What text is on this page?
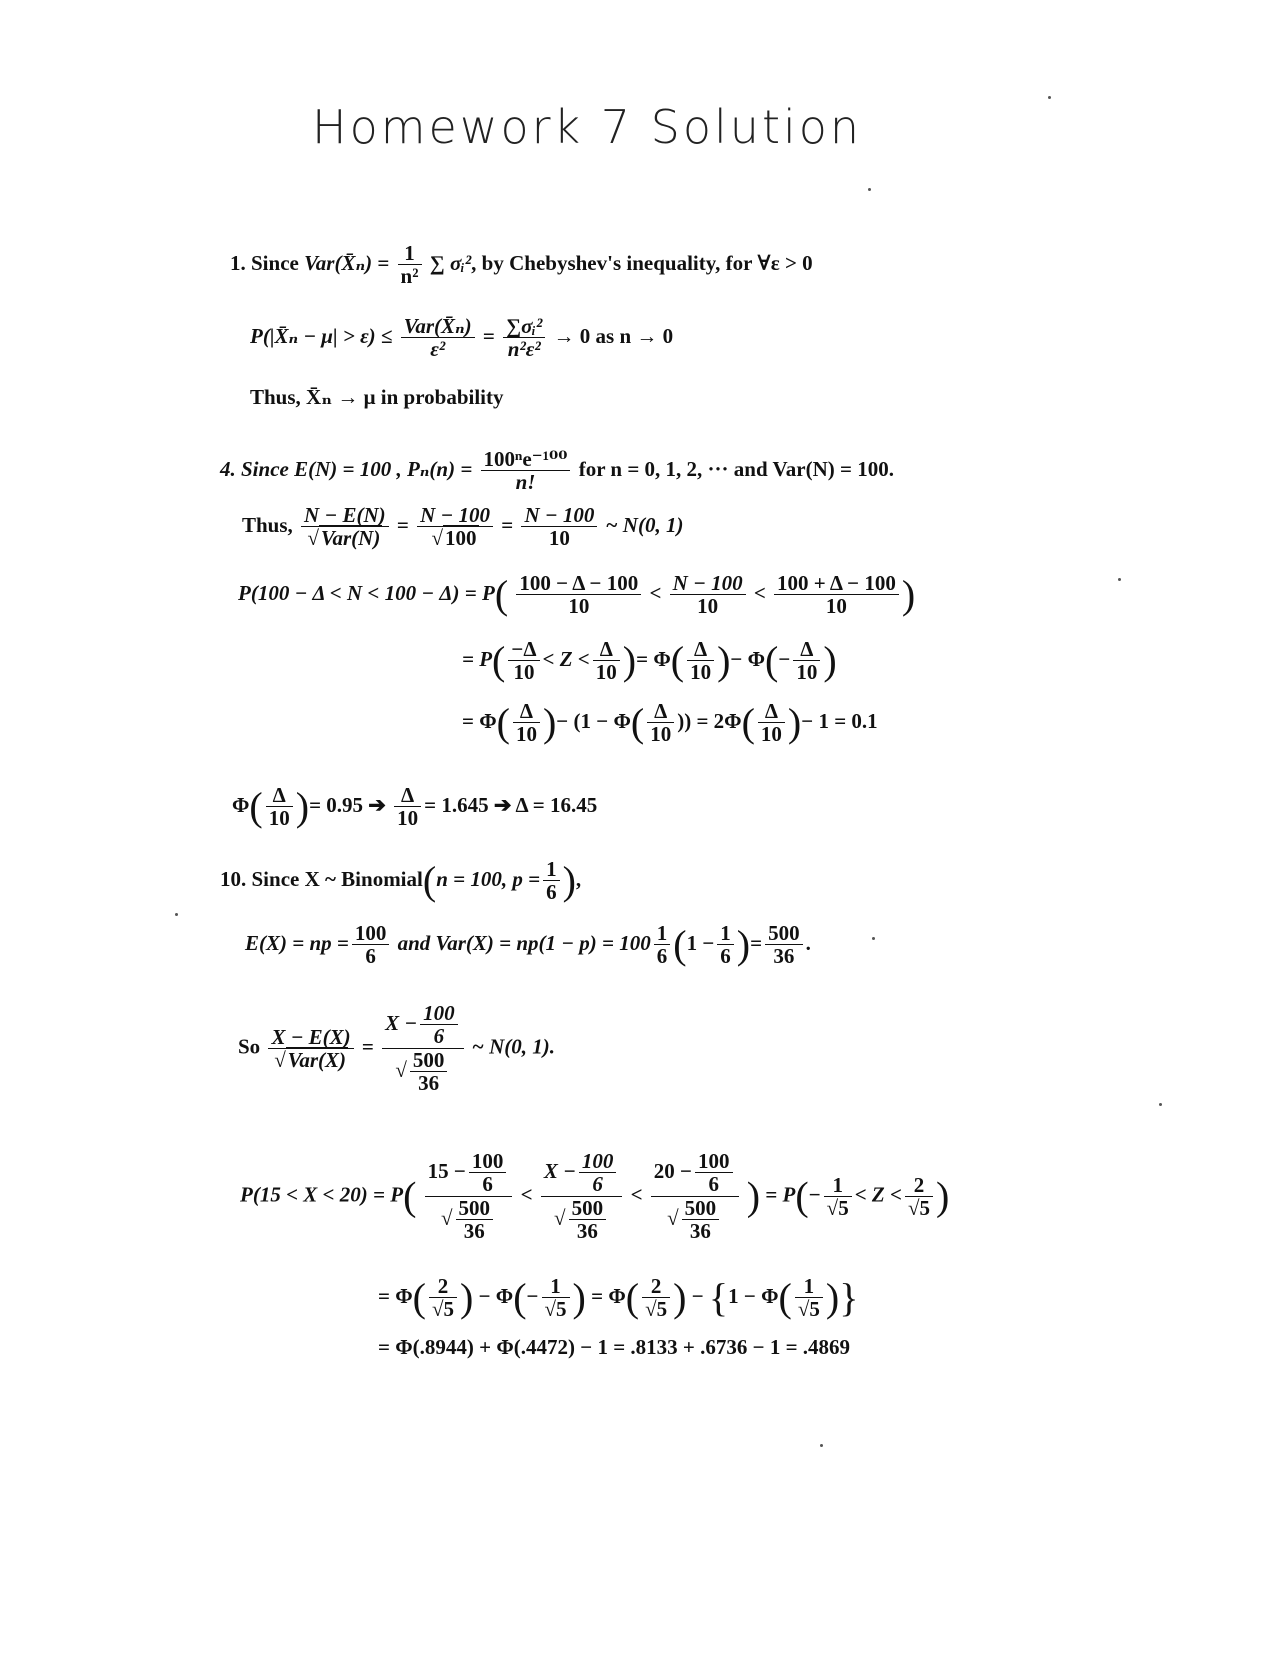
Homework 7 Solution
1. Since Var(X̄ₙ) = $\frac{1}{\text{n²}}$ ∑ σᵢ², by Chebyshev's inequality, for ∀ε > 0
P(|X̄ₙ − $\mu| > \varepsilon) \le \frac{\text{Var(X̄ₙ)}}{\text{ε²}} = \frac{\text{∑σᵢ²}}{\text{n²ε²}} \to 0$ as n → 0
Thus, X̄ₙ → μ in probability
4. Since E(N) = 100 , $P_n(n) = \frac{\text{100ⁿe⁻¹⁰⁰}}{n!}$ for n = 0, 1, 2, ··· and Var(N) = 100.
Thus, $\frac{N - E(N)}{\text{√Var(N)}} = \frac{N - 100}{√100} = \frac{N - 100}{10}$ ~ N(0, 1)
$P(100 - \Delta < N < 100 - \Delta) = P( \frac{100 - \Delta - 100}{10} < \frac{N - 100}{10} < \frac{100 + \Delta - 100}{10}$ )
= $P( \frac{-\Delta}{10} < Z < \frac{\Delta}{10}$ )= $\Phi( \frac{\Delta}{10}$ )− $\Phi(- \frac{\Delta}{10}$ )
= $\Phi( \frac{\Delta}{10}$ )− ($1 - \Phi( \frac{\Delta}{10}$ )) = $2\Phi( \frac{\Delta}{10}$ )− 1 = 0.1
$\Phi( \frac{\Delta}{10}$ )= 0.95 ➔ $\frac{\Delta}{10} = 1.645$ ➔ Δ = 16.45
10. Since X ~ Binomial(n = 100, $p = \frac{1}{6}$ ),
E(X) = np = $\frac{100}{6}$ and $Var(X) = np(1 - p) = 100 \frac{1}{6} (1 - \frac{1}{6}$ )= $\frac{500}{36}$ .
So $\frac{X - E(X)}{\text{√Var(X)}} = \frac{X - \frac{100}{6}}{√ \frac{500}{36}}$ ~ N(0, 1).
$P(15 < X < 20) = P( \frac{15 - \frac{100}{6}}{√ \frac{500}{36}} < \frac{X - \frac{100}{6}}{√ \frac{500}{36}} < \frac{20 - \frac{100}{6}}{√ \frac{500}{36}}$ ) = $P(- \frac{1}{√5} < Z < \frac{2}{√5}$ )
= $\Phi( \frac{2}{√5}$ ) − $\Phi(- \frac{1}{√5}$ ) = $\Phi( \frac{2}{√5}$ ) − {$1 - \Phi( \frac{1}{√5}$ )}
= Φ(.8944) + Φ(.4472) − 1 = .8133 + .6736 − 1 = .4869
